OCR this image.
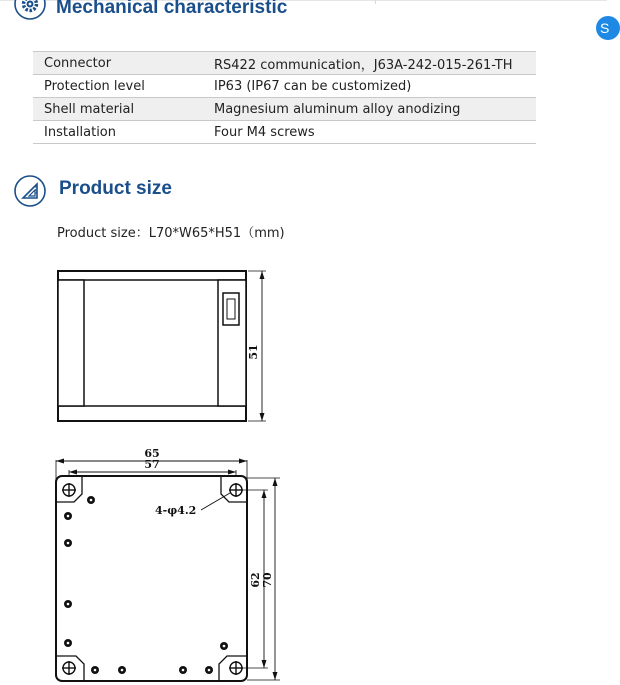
S
Mechanical characteristic
Connector	RS422 communication，J63A-242-015-261-TH
Protection level	IP63 (IP67 can be customized)
Shell material	Magnesium aluminum alloy anodizing
Installation	Four M4 screws
Product size
Product size：L70*W65*H51（mm)
51
65
57
4-φ4.2
62 70
